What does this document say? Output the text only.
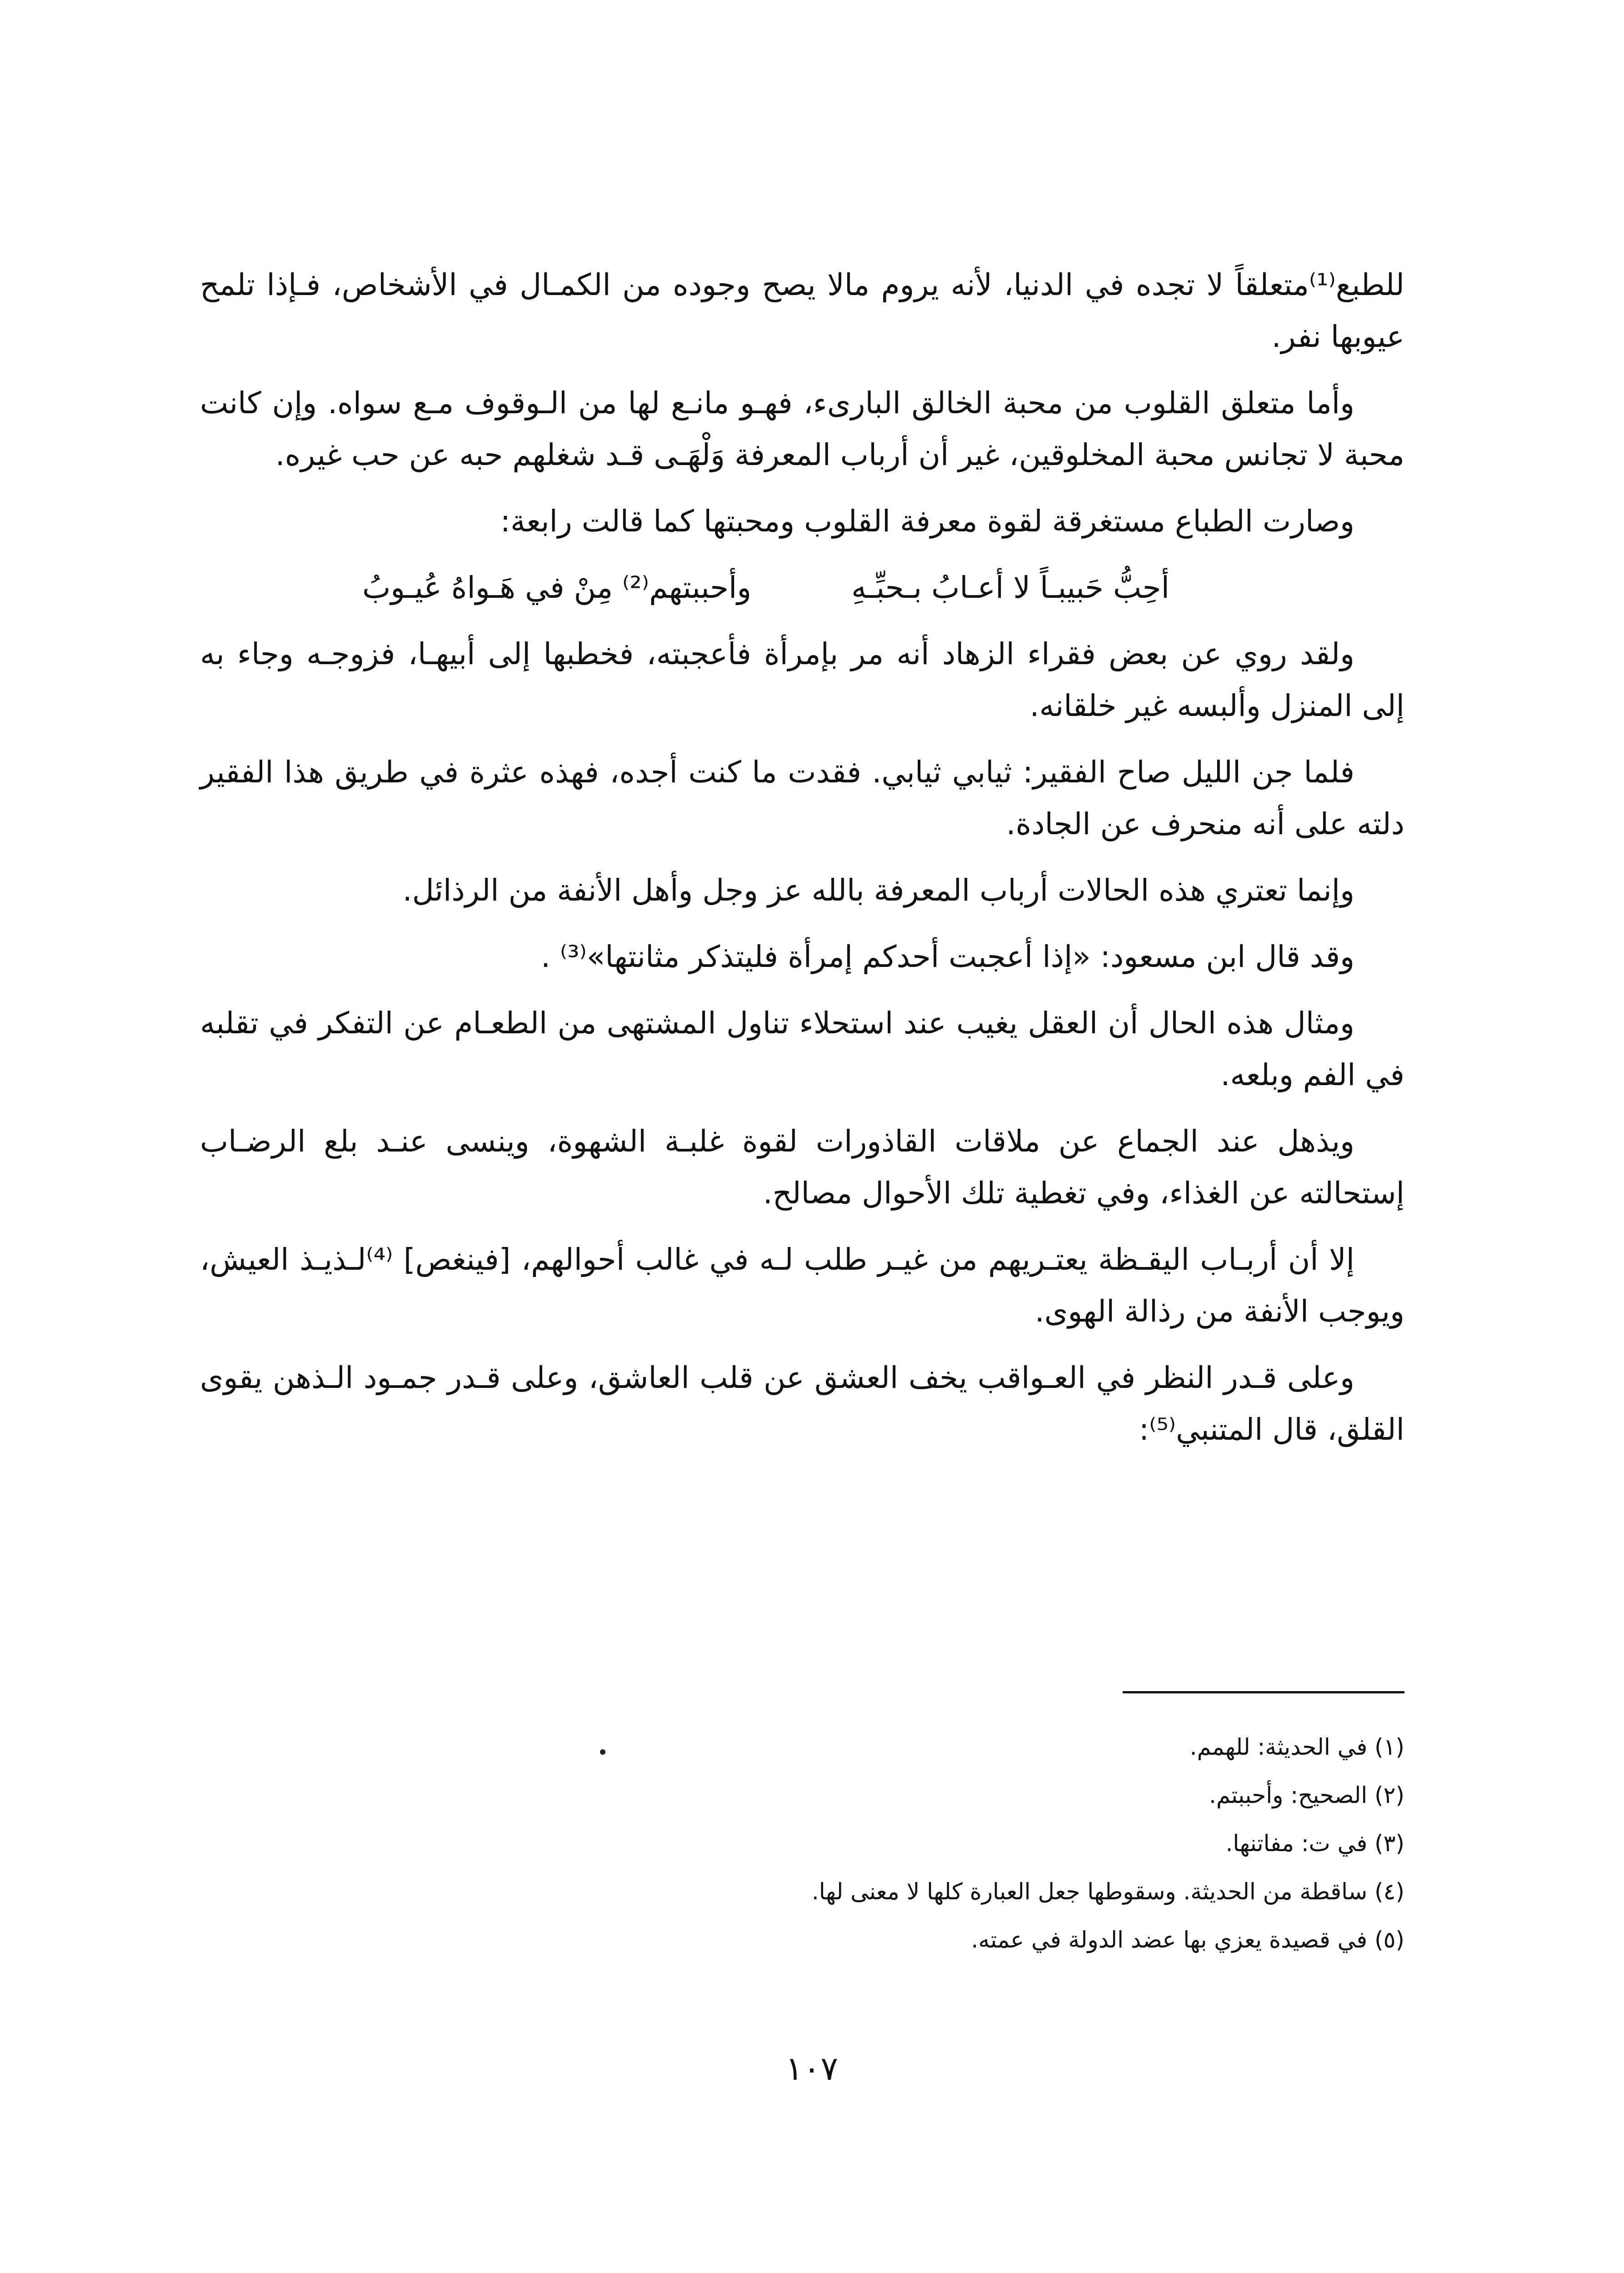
للطبع⁽¹⁾متعلقاً لا تجده في الدنيا، لأنه يروم مالا يصح وجوده من الكمـال في الأشخاص، فـإذا تلمح عيوبها نفر.

وأما متعلق القلوب من محبة الخالق البارىء، فهـو مانـع لها من الـوقوف مـع سواه. وإن كانت محبة لا تجانس محبة المخلوقين، غير أن أرباب المعرفة وَلْهَـى قـد شغلهم حبه عن حب غيره.

وصارت الطباع مستغرقة لقوة معرفة القلوب ومحبتها كما قالت رابعة:

أحِبُّ حَبيبـاً لا أعـابُ بـحبِّـهِ
وأحببتهم⁽²⁾ مِنْ في هَـواهُ عُيـوبُ

ولقد روي عن بعض فقراء الزهاد أنه مر بإمرأة فأعجبته، فخطبها إلى أبيهـا، فزوجـه وجاء به إلى المنزل وألبسه غير خلقانه.

فلما جن الليل صاح الفقير: ثيابي ثيابي. فقدت ما كنت أجده، فهذه عثرة في طريق هذا الفقير دلته على أنه منحرف عن الجادة.

وإنما تعتري هذه الحالات أرباب المعرفة بالله عز وجل وأهل الأنفة من الرذائل.

وقد قال ابن مسعود: «إذا أعجبت أحدكم إمرأة فليتذكر مثانتها»⁽³⁾ .

ومثال هذه الحال أن العقل يغيب عند استحلاء تناول المشتهى من الطعـام عن التفكر في تقلبه في الفم وبلعه.

ويذهل عند الجماع عن ملاقات القاذورات لقوة غلبـة الشهوة، وينسى عنـد بلع الرضـاب إستحالته عن الغذاء، وفي تغطية تلك الأحوال مصالح.

إلا أن أربـاب اليقـظة يعتـريهم من غيـر طلب لـه في غالب أحوالهم، [فينغص] ⁽⁴⁾لـذيـذ العيش، ويوجب الأنفة من رذالة الهوى.

وعلى قـدر النظر في العـواقب يخف العشق عن قلب العاشق، وعلى قـدر جمـود الـذهن يقوى القلق، قال المتنبي⁽⁵⁾:

(١) في الحديثة: للهمم.

(٢) الصحيح: وأحببتم.

(٣) في ت: مفاتنها.

(٤) ساقطة من الحديثة. وسقوطها جعل العبارة كلها لا معنى لها.

(٥) في قصيدة يعزي بها عضد الدولة في عمته.

١٠٧
